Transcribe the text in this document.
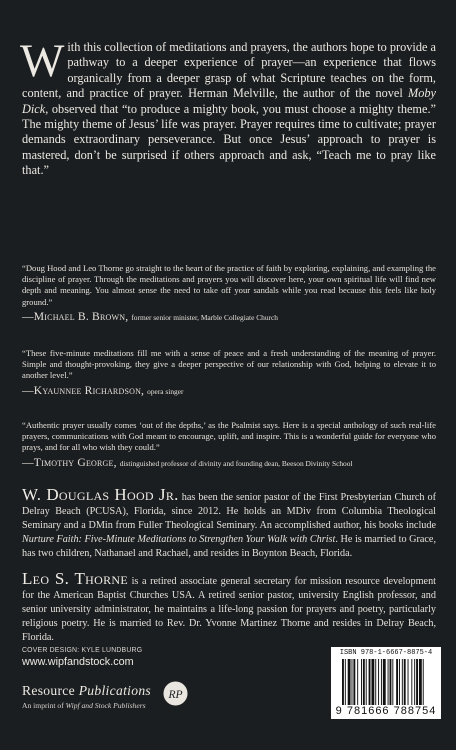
With this collection of meditations and prayers, the authors hope to provide a pathway to a deeper experience of prayer—an experience that flows organically from a deeper grasp of what Scripture teaches on the form, content, and practice of prayer. Herman Melville, the author of the novel Moby Dick, observed that “to produce a mighty book, you must choose a mighty theme.” The mighty theme of Jesus’ life was prayer. Prayer requires time to cultivate; prayer demands extraordinary perseverance. But once Jesus’ approach to prayer is mastered, don’t be surprised if others approach and ask, “Teach me to pray like that.”
“Doug Hood and Leo Thorne go straight to the heart of the practice of faith by exploring, explaining, and exampling the discipline of prayer. Through the meditations and prayers you will discover here, your own spiritual life will find new depth and meaning. You almost sense the need to take off your sandals while you read because this feels like holy ground.”
—Michael B. Brown, former senior minister, Marble Collegiate Church
“These five-minute meditations fill me with a sense of peace and a fresh understanding of the meaning of prayer. Simple and thought-provoking, they give a deeper perspective of our relationship with God, helping to elevate it to another level.”
—Kyaunnee Richardson, opera singer
“Authentic prayer usually comes ‘out of the depths,’ as the Psalmist says. Here is a special anthology of such real-life prayers, communications with God meant to encourage, uplift, and inspire. This is a wonderful guide for everyone who prays, and for all who wish they could.”
—Timothy George, distinguished professor of divinity and founding dean, Beeson Divinity School
W. Douglas Hood Jr. has been the senior pastor of the First Presbyterian Church of Delray Beach (PCUSA), Florida, since 2012. He holds an MDiv from Columbia Theological Seminary and a DMin from Fuller Theological Seminary. An accomplished author, his books include Nurture Faith: Five-Minute Meditations to Strengthen Your Walk with Christ. He is married to Grace, has two children, Nathanael and Rachael, and resides in Boynton Beach, Florida.
Leo S. Thorne is a retired associate general secretary for mission resource development for the American Baptist Churches USA. A retired senior pastor, university English professor, and senior university administrator, he maintains a life-long passion for prayers and poetry, particularly religious poetry. He is married to Rev. Dr. Yvonne Martinez Thorne and resides in Delray Beach, Florida.
COVER DESIGN: KYLE LUNDBURG
www.wipfandstock.com
Resource Publications
An imprint of Wipf and Stock Publishers
RP
ISBN 978-1-6667-8875-4
9 781666 788754
